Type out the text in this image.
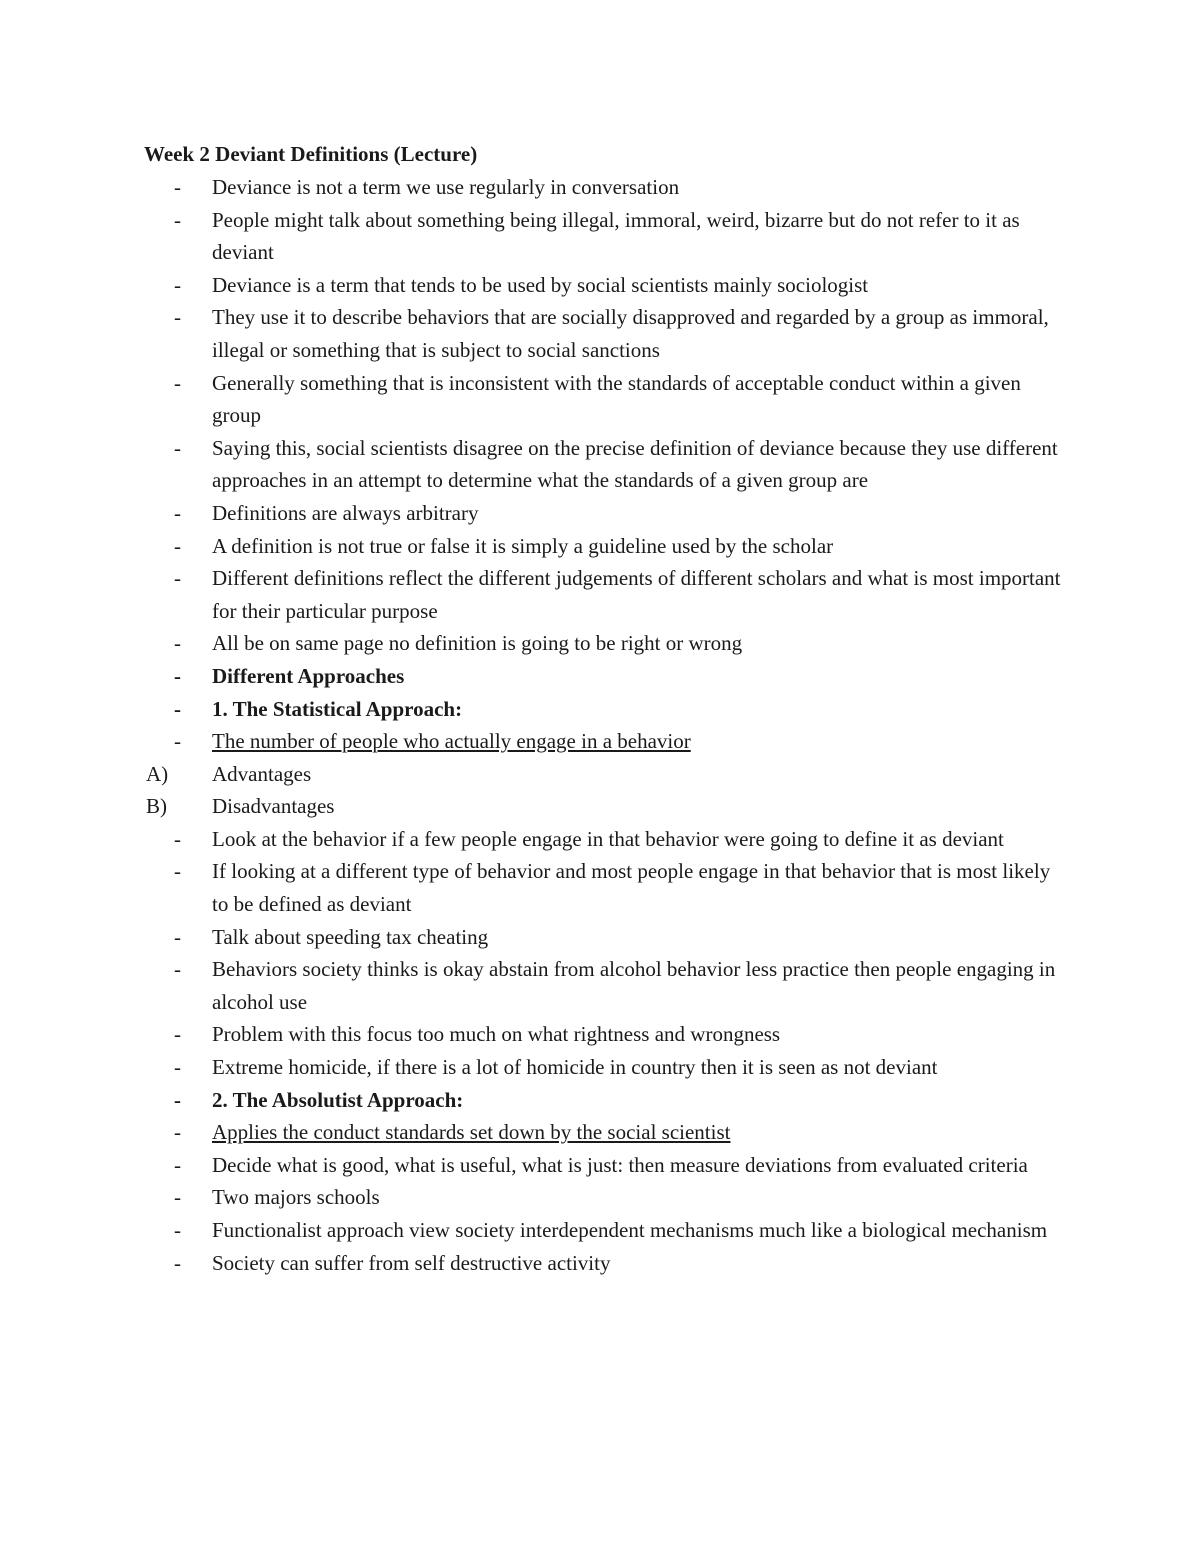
Week 2 Deviant Definitions (Lecture)
-	Deviance is not a term we use regularly in conversation
-	People might talk about something being illegal, immoral, weird, bizarre but do not refer to it as deviant
-	Deviance is a term that tends to be used by social scientists mainly sociologist
-	They use it to describe behaviors that are socially disapproved and regarded by a group as immoral, illegal or something that is subject to social sanctions
-	Generally something that is inconsistent with the standards of acceptable conduct within a given group
-	Saying this, social scientists disagree on the precise definition of deviance because they use different approaches in an attempt to determine what the standards of a given group are
-	Definitions are always arbitrary
-	A definition is not true or false it is simply a guideline used by the scholar
-	Different definitions reflect the different judgements of different scholars and what is most important for their particular purpose
-	All be on same page no definition is going to be right or wrong
-	Different Approaches
-	1. The Statistical Approach:
-	The number of people who actually engage in a behavior
A)	Advantages
B)	Disadvantages
-	Look at the behavior if a few people engage in that behavior were going to define it as deviant
-	If looking at a different type of behavior and most people engage in that behavior that is most likely to be defined as deviant
-	Talk about speeding tax cheating
-	Behaviors society thinks is okay abstain from alcohol behavior less practice then people engaging in alcohol use
-	Problem with this focus too much on what rightness and wrongness
-	Extreme homicide, if there is a lot of homicide in country then it is seen as not deviant
-	2. The Absolutist Approach:
-	Applies the conduct standards set down by the social scientist
-	Decide what is good, what is useful, what is just: then measure deviations from evaluated criteria
-	Two majors schools
-	Functionalist approach view society interdependent mechanisms much like a biological mechanism
-	Society can suffer from self destructive activity
